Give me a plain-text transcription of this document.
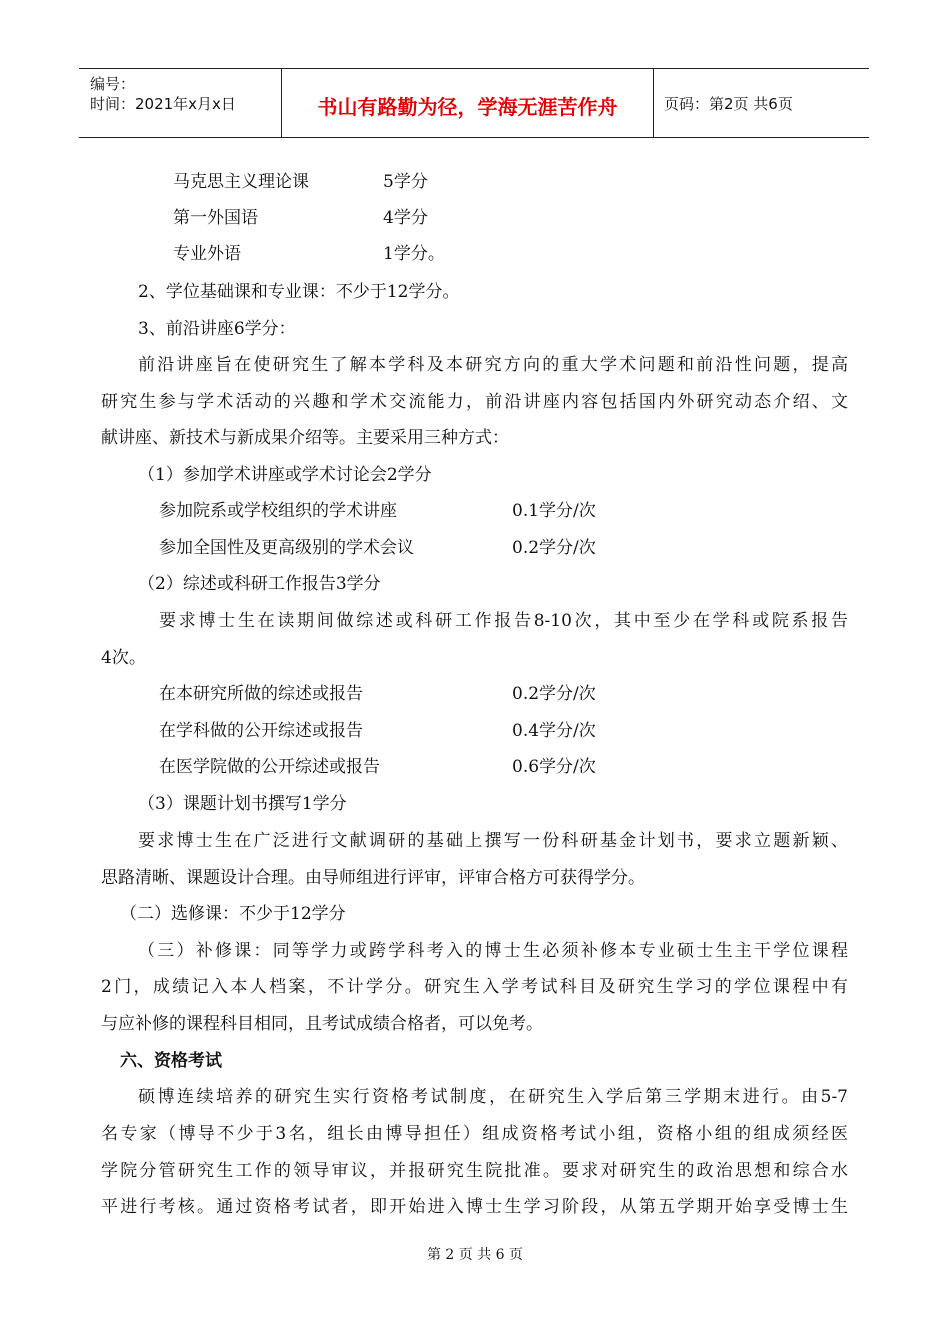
编号：
时间：2021年x月x日	书山有路勤为径，学海无涯苦作舟	页码：第2页 共6页
马克思主义理论课	5学分
第一外国语	4学分
专业外语	1学分。
2、学位基础课和专业课：不少于12学分。
3、前沿讲座6学分：
前沿讲座旨在使研究生了解本学科及本研究方向的重大学术问题和前沿性问题，提高
研究生参与学术活动的兴趣和学术交流能力，前沿讲座内容包括国内外研究动态介绍、文
献讲座、新技术与新成果介绍等。主要采用三种方式：
（1）参加学术讲座或学术讨论会2学分
参加院系或学校组织的学术讲座	0.1学分/次
参加全国性及更高级别的学术会议	0.2学分/次
（2）综述或科研工作报告3学分
要求博士生在读期间做综述或科研工作报告8-10次，其中至少在学科或院系报告
4次。
在本研究所做的综述或报告	0.2学分/次
在学科做的公开综述或报告	0.4学分/次
在医学院做的公开综述或报告	0.6学分/次
（3）课题计划书撰写1学分
要求博士生在广泛进行文献调研的基础上撰写一份科研基金计划书，要求立题新颖、
思路清晰、课题设计合理。由导师组进行评审，评审合格方可获得学分。
（二）选修课：不少于12学分
（三）补修课：同等学力或跨学科考入的博士生必须补修本专业硕士生主干学位课程
2门，成绩记入本人档案，不计学分。研究生入学考试科目及研究生学习的学位课程中有
与应补修的课程科目相同，且考试成绩合格者，可以免考。
六、资格考试
硕博连续培养的研究生实行资格考试制度，在研究生入学后第三学期末进行。由5-7
名专家（博导不少于3名，组长由博导担任）组成资格考试小组，资格小组的组成须经医
学院分管研究生工作的领导审议，并报研究生院批准。要求对研究生的政治思想和综合水
平进行考核。通过资格考试者，即开始进入博士生学习阶段，从第五学期开始享受博士生
第 2 页 共 6 页
